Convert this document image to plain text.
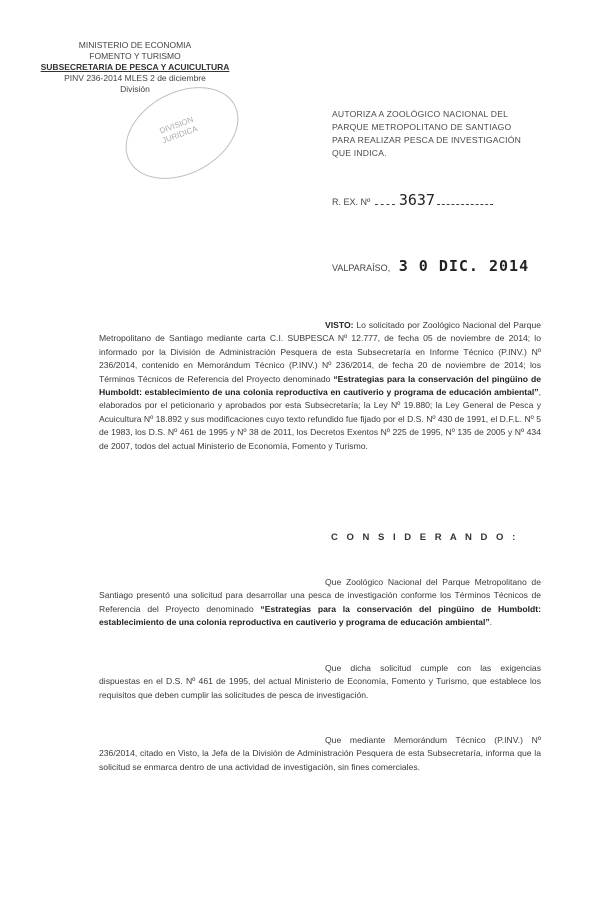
MINISTERIO DE ECONOMIA
FOMENTO Y TURISMO
SUBSECRETARIA DE PESCA Y ACUICULTURA
PINV 236-2014 MLES 2 de diciembre
División
DIVISION JURIDICA
AUTORIZA A ZOOLÓGICO NACIONAL DEL PARQUE METROPOLITANO DE SANTIAGO PARA REALIZAR PESCA DE INVESTIGACIÓN QUE INDICA.
R. EX. Nº 3637
VALPARAÍSO, 3 0 DIC. 2014
VISTO: Lo solicitado por Zoológico Nacional del Parque Metropolitano de Santiago mediante carta C.I. SUBPESCA Nº 12.777, de fecha 05 de noviembre de 2014; lo informado por la División de Administración Pesquera de esta Subsecretaría en Informe Técnico (P.INV.) Nº 236/2014, contenido en Memorándum Técnico (P.INV.) Nº 236/2014, de fecha 20 de noviembre de 2014; los Términos Técnicos de Referencia del Proyecto denominado “Estrategias para la conservación del pingüino de Humboldt: establecimiento de una colonia reproductiva en cautiverio y programa de educación ambiental”, elaborados por el peticionario y aprobados por esta Subsecretaría; la Ley Nº 19.880; la Ley General de Pesca y Acuicultura Nº 18.892 y sus modificaciones cuyo texto refundido fue fijado por el D.S. Nº 430 de 1991, el D.F.L. Nº 5 de 1983, los D.S. Nº 461 de 1995 y Nº 38 de 2011, los Decretos Exentos Nº 225 de 1995, Nº 135 de 2005 y Nº 434 de 2007, todos del actual Ministerio de Economía, Fomento y Turismo.
C O N S I D E R A N D O :
Que Zoológico Nacional del Parque Metropolitano de Santiago presentó una solicitud para desarrollar una pesca de investigación conforme los Términos Técnicos de Referencia del Proyecto denominado “Estrategias para la conservación del pingüino de Humboldt: establecimiento de una colonia reproductiva en cautiverio y programa de educación ambiental”.
Que dicha solicitud cumple con las exigencias dispuestas en el D.S. Nº 461 de 1995, del actual Ministerio de Economía, Fomento y Turismo, que establece los requisitos que deben cumplir las solicitudes de pesca de investigación.
Que mediante Memorándum Técnico (P.INV.) Nº 236/2014, citado en Visto, la Jefa de la División de Administración Pesquera de esta Subsecretaría, informa que la solicitud se enmarca dentro de una actividad de investigación, sin fines comerciales.
